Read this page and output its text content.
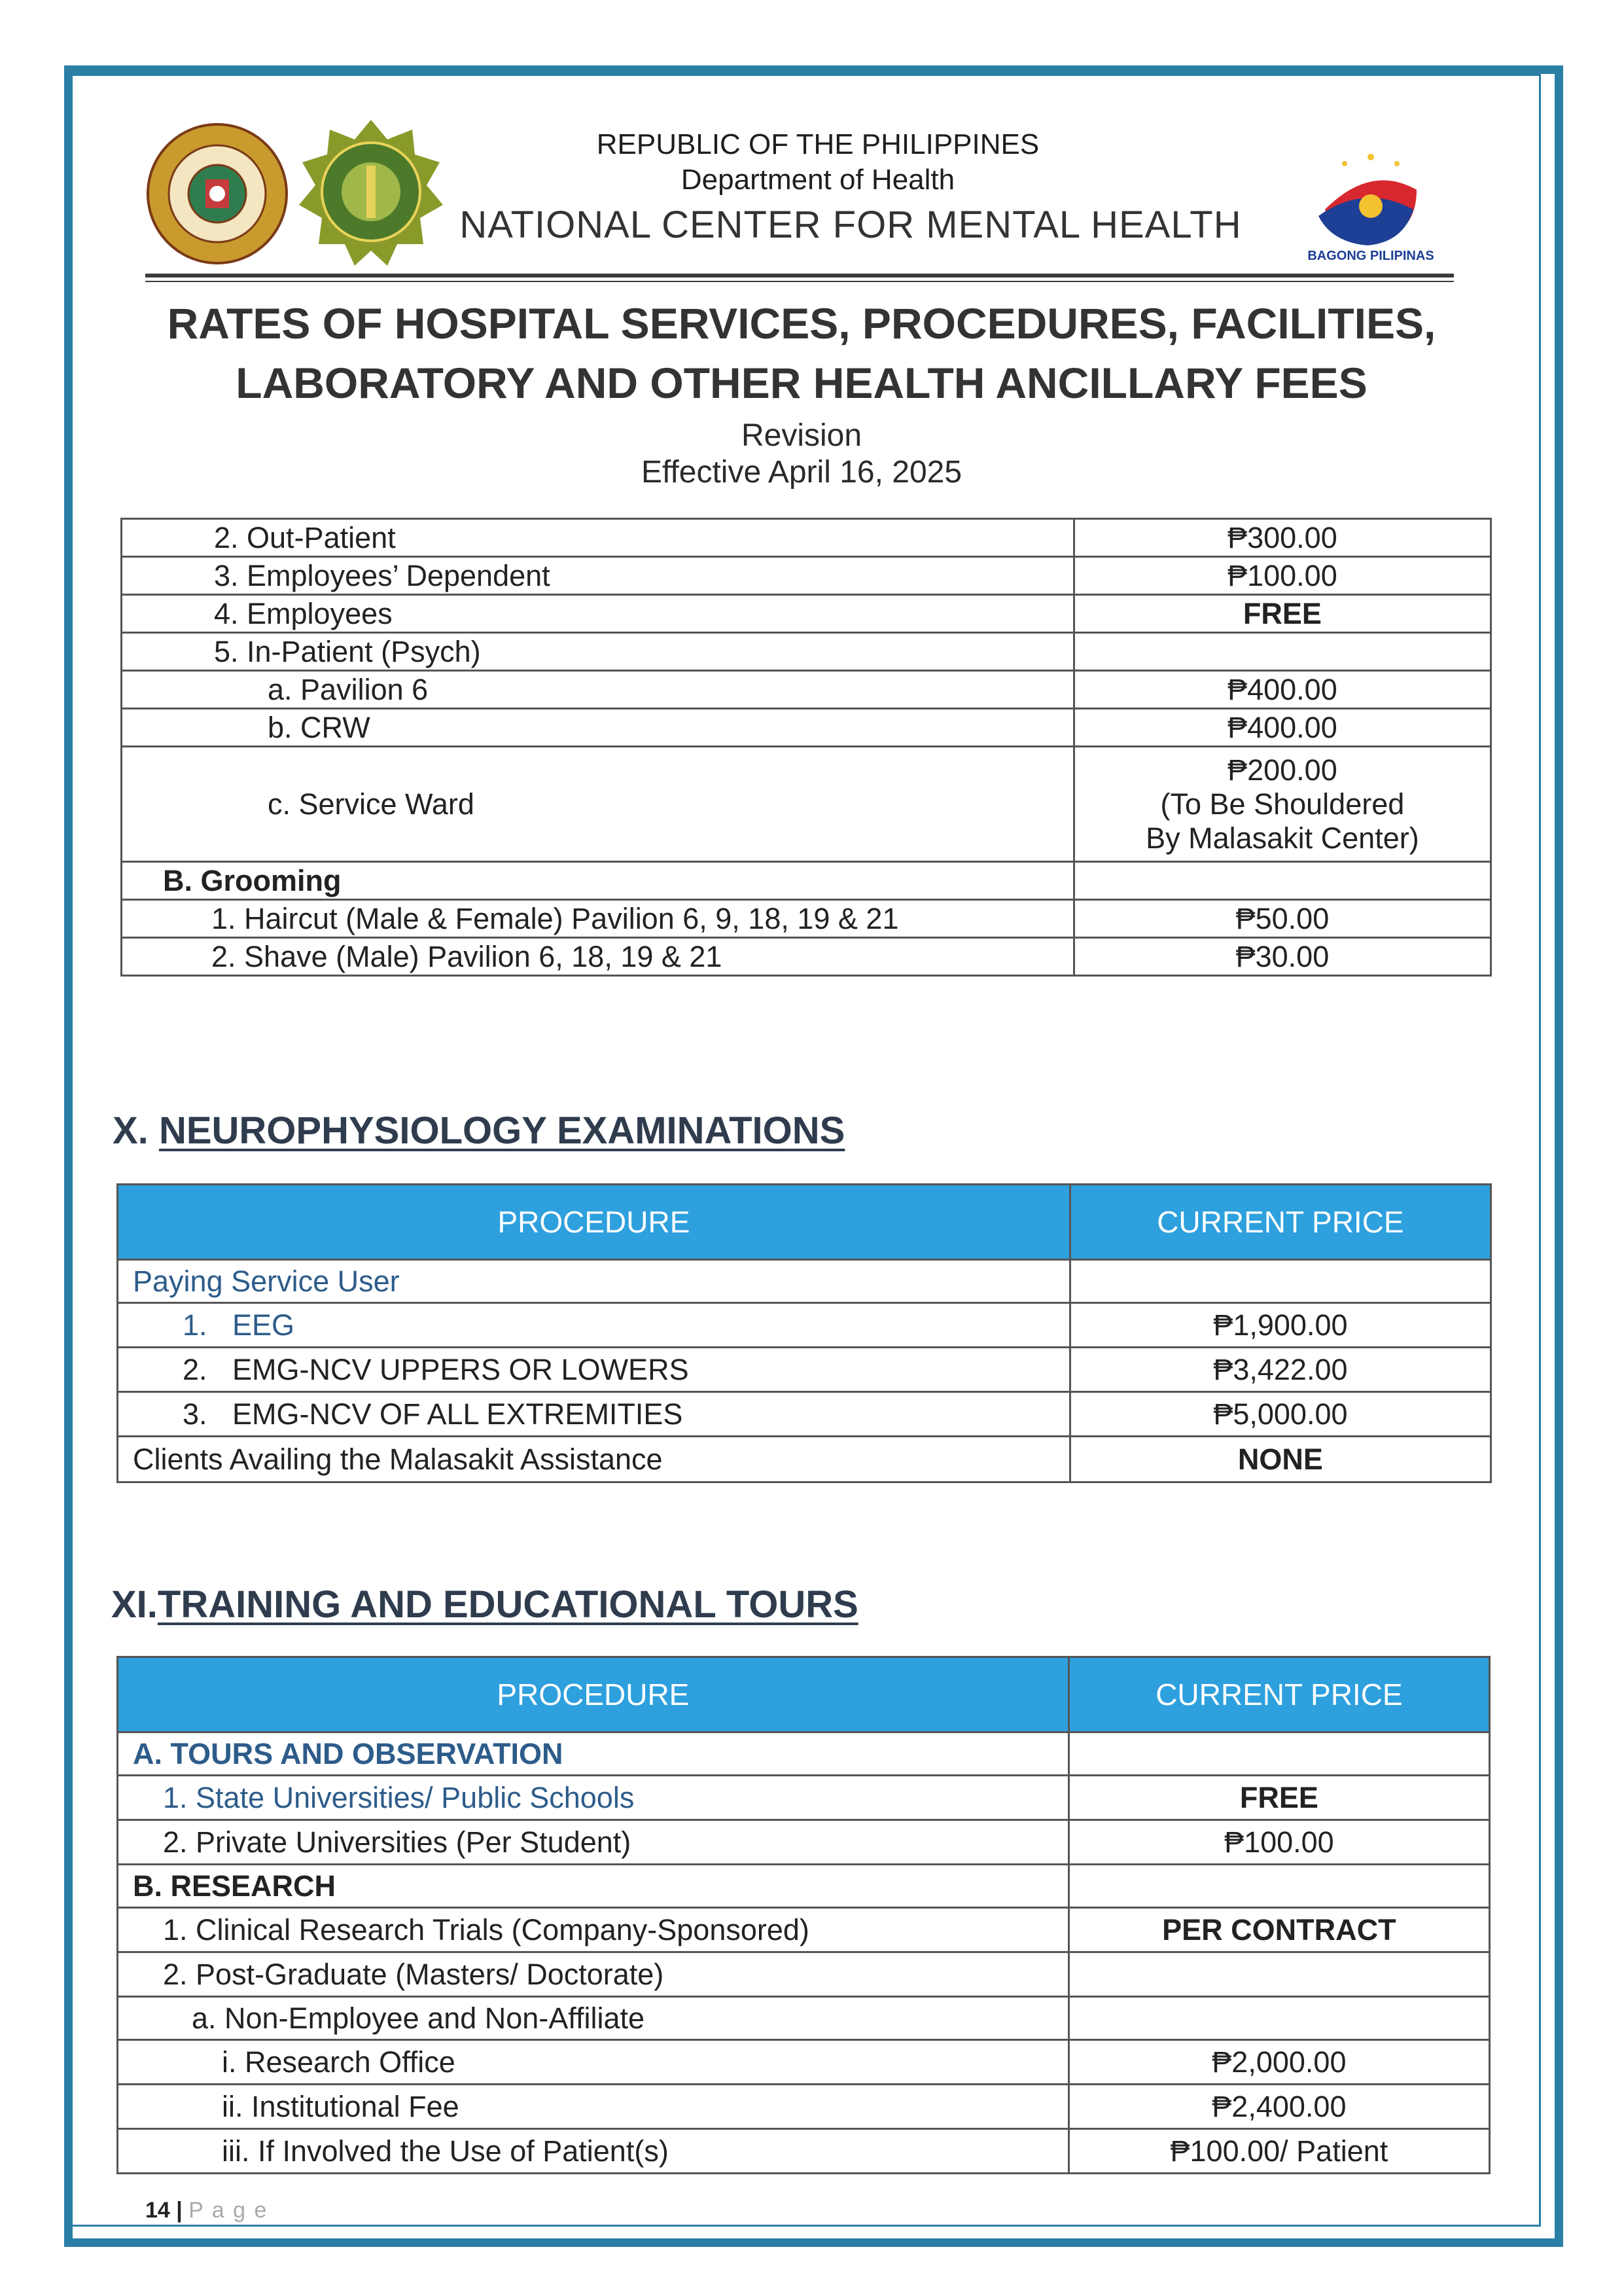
BAGONG PILIPINAS
REPUBLIC OF THE PHILIPPINES
Department of Health
NATIONAL CENTER FOR MENTAL HEALTH
RATES OF HOSPITAL SERVICES, PROCEDURES, FACILITIES,
LABORATORY AND OTHER HEALTH ANCILLARY FEES
Revision
Effective April 16, 2025
2. Out-Patient	₱300.00
3. Employees’ Dependent	₱100.00
4. Employees	FREE
5. In-Patient (Psych)	
a. Pavilion 6	₱400.00
b. CRW	₱400.00
c. Service Ward	₱200.00
(To Be Shouldered
By Malasakit Center)

B. Grooming	
1. Haircut (Male & Female) Pavilion 6, 9, 18, 19 & 21	₱50.00
2. Shave (Male) Pavilion 6, 18, 19 & 21	₱30.00
X. NEUROPHYSIOLOGY EXAMINATIONS
PROCEDURE	CURRENT PRICE
Paying Service User	
1. EEG	₱1,900.00
2. EMG-NCV UPPERS OR LOWERS	₱3,422.00
3. EMG-NCV OF ALL EXTREMITIES	₱5,000.00
Clients Availing the Malasakit Assistance	NONE
XI.TRAINING AND EDUCATIONAL TOURS
PROCEDURE	CURRENT PRICE
A. TOURS AND OBSERVATION	
1. State Universities/ Public Schools	FREE
2. Private Universities (Per Student)	₱100.00
B. RESEARCH	
1. Clinical Research Trials (Company-Sponsored)	PER CONTRACT
2. Post-Graduate (Masters/ Doctorate)	
a. Non-Employee and Non-Affiliate	
i. Research Office	₱2,000.00
ii. Institutional Fee	₱2,400.00
iii. If Involved the Use of Patient(s)	₱100.00/ Patient
14 | P a g e
